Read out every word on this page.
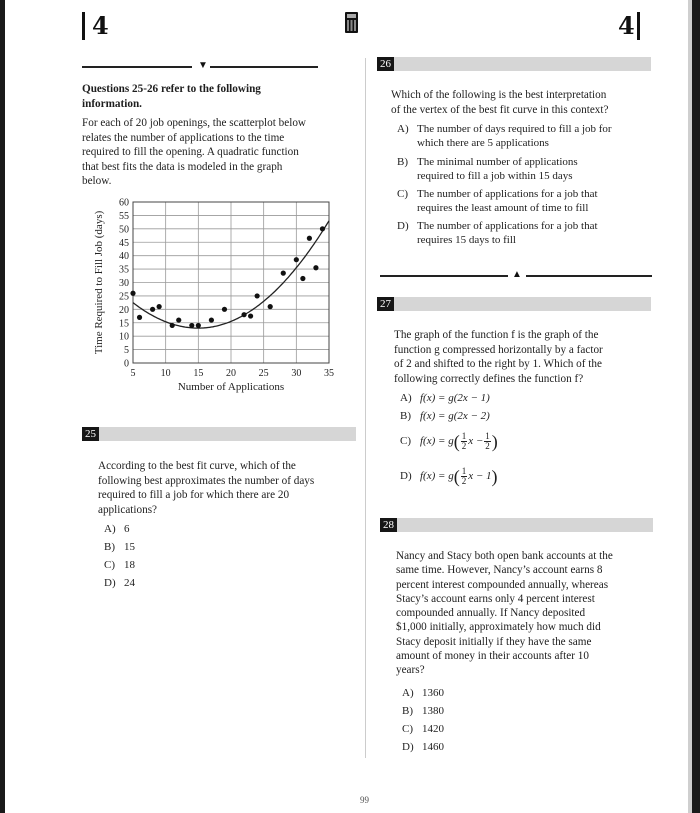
4	4
▼
Questions 25-26 refer to the following
information.
For each of 20 job openings, the scatterplot below
relates the number of applications to the time
required to fill the opening. A quadratic function
that best fits the data is modeled in the graph
below.
0
5
10
15
20
25
30
35
40
45
50
55
60
5	10 15 20 25 30 35
Number of Applications
Time Required to Fill Job (days)
25
According to the best fit curve, which of the
following best approximates the number of days
required to fill a job for which there are 20
applications?
A) 6
B) 15
C) 18
D) 24
26
Which of the following is the best interpretation
of the vertex of the best fit curve in this context?
A) The number of days required to fill a job for
which there are 5 applications
B) The minimal number of applications
required to fill a job within 15 days
C) The number of applications for a job that
requires the least amount of time to fill
D) The number of applications for a job that
requires 15 days to fill
▲
27
The graph of the function f is the graph of the
function g compressed horizontally by a factor
of 2 and shifted to the right by 1. Which of the
following correctly defines the function f?
A) f(x) = g(2x − 1)
B) f(x) = g(2x − 2)
C) $f(x) = g( \frac{1}{2}$ $x - \frac{1}{2}$ )
D) $f(x) = g( \frac{1}{2}$ x − 1)
28
Nancy and Stacy both open bank accounts at the
same time. However, Nancy’s account earns 8
percent interest compounded annually, whereas
Stacy’s account earns only 4 percent interest
compounded annually. If Nancy deposited
$1,000 initially, approximately how much did
Stacy deposit initially if they have the same
amount of money in their accounts after 10
years?
A) 1360
B) 1380
C) 1420
D) 1460
99
